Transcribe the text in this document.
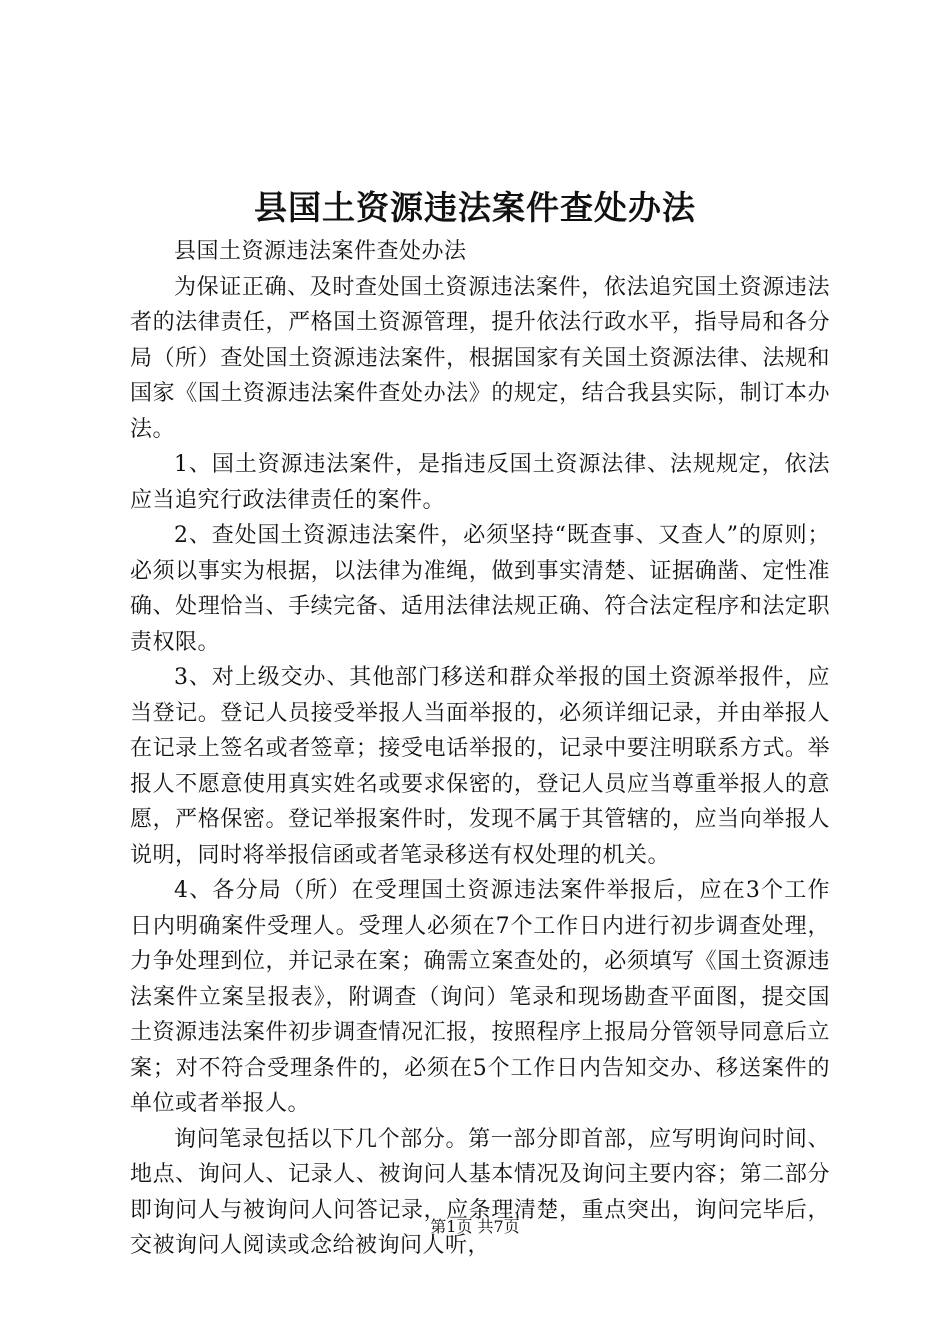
县国土资源违法案件查处办法

县国土资源违法案件查处办法

为保证正确、及时查处国土资源违法案件，依法追究国土资源违法者的法律责任，严格国土资源管理，提升依法行政水平，指导局和各分局（所）查处国土资源违法案件，根据国家有关国土资源法律、法规和国家《国土资源违法案件查处办法》的规定，结合我县实际，制订本办法。

1、国土资源违法案件，是指违反国土资源法律、法规规定，依法应当追究行政法律责任的案件。

2、查处国土资源违法案件，必须坚持“既查事、又查人”的原则；必须以事实为根据，以法律为准绳，做到事实清楚、证据确凿、定性准确、处理恰当、手续完备、适用法律法规正确、符合法定程序和法定职责权限。

3、对上级交办、其他部门移送和群众举报的国土资源举报件，应当登记。登记人员接受举报人当面举报的，必须详细记录，并由举报人在记录上签名或者签章；接受电话举报的，记录中要注明联系方式。举报人不愿意使用真实姓名或要求保密的，登记人员应当尊重举报人的意愿，严格保密。登记举报案件时，发现不属于其管辖的，应当向举报人说明，同时将举报信函或者笔录移送有权处理的机关。

4、各分局（所）在受理国土资源违法案件举报后，应在3个工作日内明确案件受理人。受理人必须在7个工作日内进行初步调查处理，力争处理到位，并记录在案；确需立案查处的，必须填写《国土资源违法案件立案呈报表》，附调查（询问）笔录和现场勘查平面图，提交国土资源违法案件初步调查情况汇报，按照程序上报局分管领导同意后立案；对不符合受理条件的，必须在5个工作日内告知交办、移送案件的单位或者举报人。

询问笔录包括以下几个部分。第一部分即首部，应写明询问时间、地点、询问人、记录人、被询问人基本情况及询问主要内容；第二部分即询问人与被询问人问答记录，应条理清楚，重点突出，询问完毕后，交被询问人阅读或念给被询问人听，

第1页 共7页
